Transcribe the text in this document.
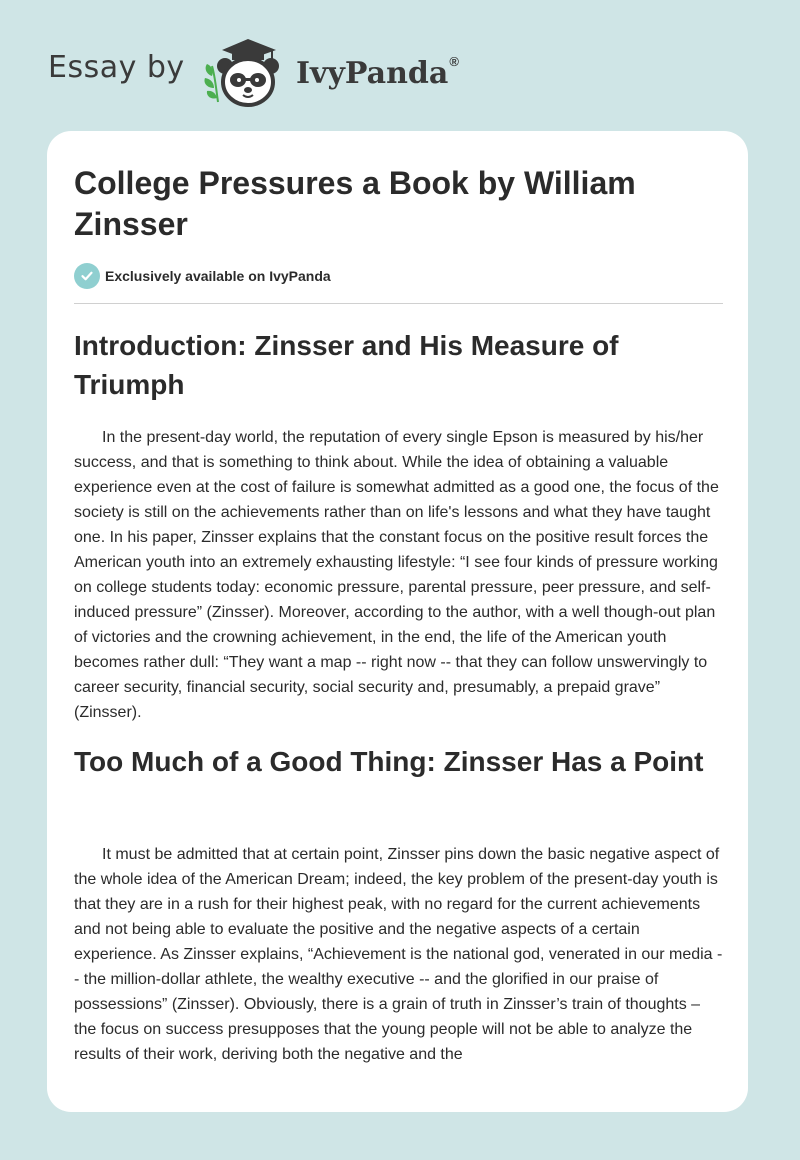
Essay by	IvyPanda®
College Pressures a Book by William Zinsser
Exclusively available on IvyPanda
Introduction: Zinsser and His Measure of Triumph

In the present-day world, the reputation of every single Epson is measured by his/her success, and that is something to think about. While the idea of obtaining a valuable experience even at the cost of failure is somewhat admitted as a good one, the focus of the society is still on the achievements rather than on life's lessons and what they have taught one. In his paper, Zinsser explains that the constant focus on the positive result forces the American youth into an extremely exhausting lifestyle: “I see four kinds of pressure working on college students today: economic pressure, parental pressure, peer pressure, and self-induced pressure” (Zinsser). Moreover, according to the author, with a well though-out plan of victories and the crowning achievement, in the end, the life of the American youth becomes rather dull: “They want a map -- right now -- that they can follow unswervingly to career security, financial security, social security and, presumably, a prepaid grave” (Zinsser).

Too Much of a Good Thing: Zinsser Has a Point

It must be admitted that at certain point, Zinsser pins down the basic negative aspect of the whole idea of the American Dream; indeed, the key problem of the present-day youth is that they are in a rush for their highest peak, with no regard for the current achievements and not being able to evaluate the positive and the negative aspects of a certain experience. As Zinsser explains, “Achievement is the national god, venerated in our media -- the million-dollar athlete, the wealthy executive -- and the glorified in our praise of possessions” (Zinsser). Obviously, there is a grain of truth in Zinsser’s train of thoughts – the focus on success presupposes that the young people will not be able to analyze the results of their work, deriving both the negative and the
